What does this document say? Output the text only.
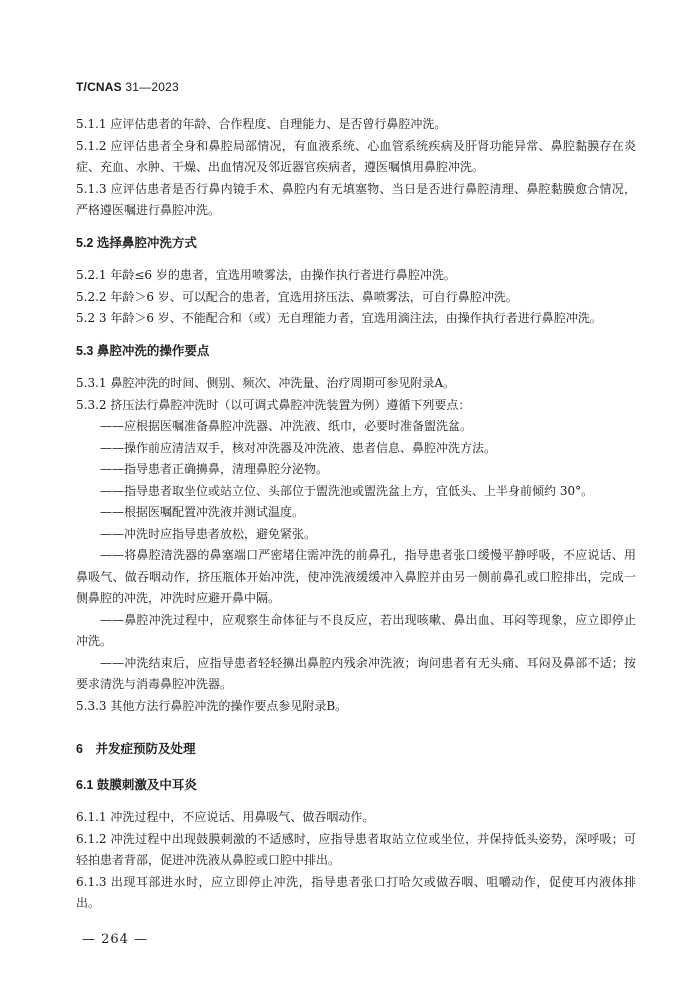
T/CNAS 31—2023

5.1.1 应评估患者的年龄、合作程度、自理能力、是否曾行鼻腔冲洗。

5.1.2 应评估患者全身和鼻腔局部情况，有血液系统、心血管系统疾病及肝肾功能异常、鼻腔黏膜存在炎症、充血、水肿、干燥、出血情况及邻近器官疾病者，遵医嘱慎用鼻腔冲洗。

5.1.3 应评估患者是否行鼻内镜手术、鼻腔内有无填塞物、当日是否进行鼻腔清理、鼻腔黏膜愈合情况，严格遵医嘱进行鼻腔冲洗。

5.2 选择鼻腔冲洗方式

5.2.1 年龄≤6 岁的患者，宜选用喷雾法，由操作执行者进行鼻腔冲洗。

5.2.2 年龄＞6 岁、可以配合的患者，宜选用挤压法、鼻喷雾法，可自行鼻腔冲洗。

5.2 3 年龄＞6 岁、不能配合和（或）无自理能力者，宜选用滴注法，由操作执行者进行鼻腔冲洗。

5.3 鼻腔冲洗的操作要点

5.3.1 鼻腔冲洗的时间、侧别、频次、冲洗量、治疗周期可参见附录A。

5.3.2 挤压法行鼻腔冲洗时（以可调式鼻腔冲洗装置为例）遵循下列要点：

——应根据医嘱准备鼻腔冲洗器、冲洗液、纸巾，必要时准备盥洗盆。

——操作前应清洁双手，核对冲洗器及冲洗液、患者信息、鼻腔冲洗方法。

——指导患者正确擤鼻，清理鼻腔分泌物。

——指导患者取坐位或站立位、头部位于盥洗池或盥洗盆上方，宜低头、上半身前倾约 30°。

——根据医嘱配置冲洗液并测试温度。

——冲洗时应指导患者放松，避免紧张。

——将鼻腔清洗器的鼻塞端口严密堵住需冲洗的前鼻孔，指导患者张口缓慢平静呼吸，不应说话、用鼻吸气、做吞咽动作，挤压瓶体开始冲洗，使冲洗液缓缓冲入鼻腔并由另一侧前鼻孔或口腔排出，完成一侧鼻腔的冲洗，冲洗时应避开鼻中隔。

——鼻腔冲洗过程中，应观察生命体征与不良反应，若出现咳嗽、鼻出血、耳闷等现象，应立即停止冲洗。

——冲洗结束后，应指导患者轻轻擤出鼻腔内残余冲洗液；询问患者有无头痛、耳闷及鼻部不适；按要求清洗与消毒鼻腔冲洗器。

5.3.3 其他方法行鼻腔冲洗的操作要点参见附录B。

6　并发症预防及处理

6.1 鼓膜刺激及中耳炎

6.1.1 冲洗过程中，不应说话、用鼻吸气、做吞咽动作。

6.1.2 冲洗过程中出现鼓膜刺激的不适感时，应指导患者取站立位或坐位，并保持低头姿势，深呼吸；可轻拍患者背部，促进冲洗液从鼻腔或口腔中排出。

6.1.3 出现耳部进水时，应立即停止冲洗，指导患者张口打哈欠或做吞咽、咀嚼动作，促使耳内液体排出。

— 264 —
